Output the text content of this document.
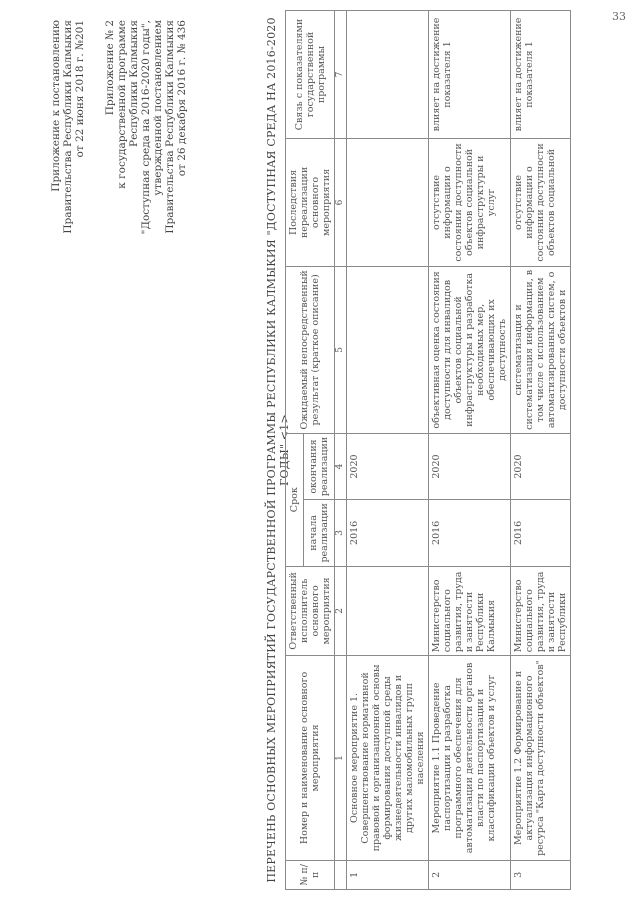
33
Приложение к постановлению Правительства Республики Калмыкия от 22 июня 2018 г. №201 Приложение № 2 к государственной программе Республики Калмыкия "Доступная среда на 2016-2020 годы", утвержденной постановлением Правительства Республики Калмыкия от 26 декабря 2016 г. № 436	ПЕРЕЧЕНЬ ОСНОВНЫХ МЕРОПРИЯТИЙ ГОСУДАРСТВЕННОЙ ПРОГРАММЫ РЕСПУБЛИКИ КАЛМЫКИЯ "ДОСТУПНАЯ СРЕДА НА 2016-2020 ГОДЫ" <1>
№ п/п	Номер и наименование основного мероприятия	Ответственный исполнитель основного мероприятия	Срок		Ожидаемый непосредственный результат (краткое описание)	Последствия нереализации основного мероприятия	Связь с показателями государственной программы
			начала реализации	окончания реализации			
	1	2	3	4	5	6	7
1	Основное мероприятие 1. Совершенствование нормативной правовой и организационной основы формирования доступной среды жизнедеятельности инвалидов и других маломобильных групп населения		2016	2020			
2	Мероприятие 1.1 Проведение паспортизации и разработка программного обеспечения для автоматизации деятельности органов власти по паспортизации и классификации объектов и услуг	Министерство социального развития, труда и занятости Республики Калмыкия	2016	2020	объективная оценка состояния доступности для инвалидов объектов социальной инфраструктуры и разработка необходимых мер, обеспечивающих их доступность	отсутствие информации о состоянии доступности объектов социальной инфраструктуры и услуг	влияет на достижение показателя 1
3	Мероприятие 1.2 Формирование и актуализация информационного ресурса "Карта доступности объектов"	Министерство социального развития, труда и занятости Республики	2016	2020	систематизация и систематизация информации, в том числе с использованием автоматизированных систем, о доступности объектов и	отсутствие информации о состоянии доступности объектов социальной	влияет на достижение показателя 1
